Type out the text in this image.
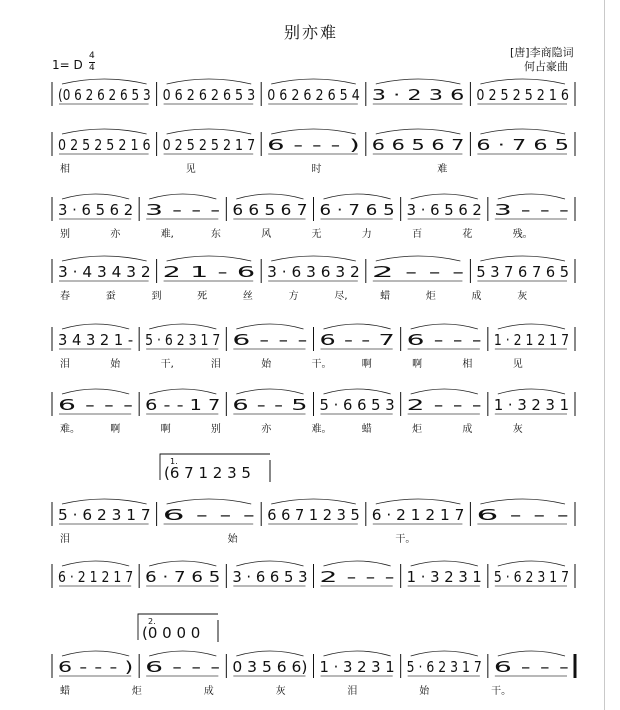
别亦难
[唐]李商隐词
何占豪曲
1= D
4
4
(0 6 2 6 2 6 5 3 0 6 2 6 2 6 5 3 0 6 2 6 2 6 5 4 3 · 2 3 6 0 2 5 2 5 2 1 6
0 2 5 2 5 2 1 6 0 2 5 2 5 2 1 7 6 - - - ) 6 6 5 6 7 6 · 7 6 5
相	见	时	难
3 · 6 5 6 2 3 - - - 6 6 5 6 7 6 · 7 6 5 3 · 6 5 6 2 3 - - -
别	亦	难,	东	风	无	力	百	花	残。
3 · 4 3 4 3 2 2 1 - 6 3 · 6 3 6 3 2 2 - - - 5 3 7 6 7 6 5
春	蚕	到	死	丝	方	尽,	蜡	炬	成	灰
3 4 3 2 1 - 5 · 6 2 3 1 7 6 - - - 6 - - 7 6 - - - 1 · 2 1 2 1 7
泪	始	干,	泪	始	干。	啊	啊	相	见
6 - - - 6 - - 1 7 6 - - 5 5 · 6 6 5 3 2 - - - 1 · 3 2 3 1
难。	啊	啊	别	亦	难。	蜡	炬	成	灰
5 · 6 2 3 1 7 6 - - - 6 6 7 1 2 3 5 6 · 2 1 2 1 7 6 - - -
泪	始	干。
1.
(6 7 1 2 3 5
6 · 2 1 2 1 7 6 · 7 6 5 3 · 6 6 5 3 2 - - - 1 · 3 2 3 1 5 · 6 2 3 1 7
6 - - - ) 6 - - - 0 3 5 6 6) 1 · 3 2 3 1 5 · 6 2 3 1 7 6 - - -
蜡	炬	成	灰	泪	始	干。
2.
(0 0 0 0
